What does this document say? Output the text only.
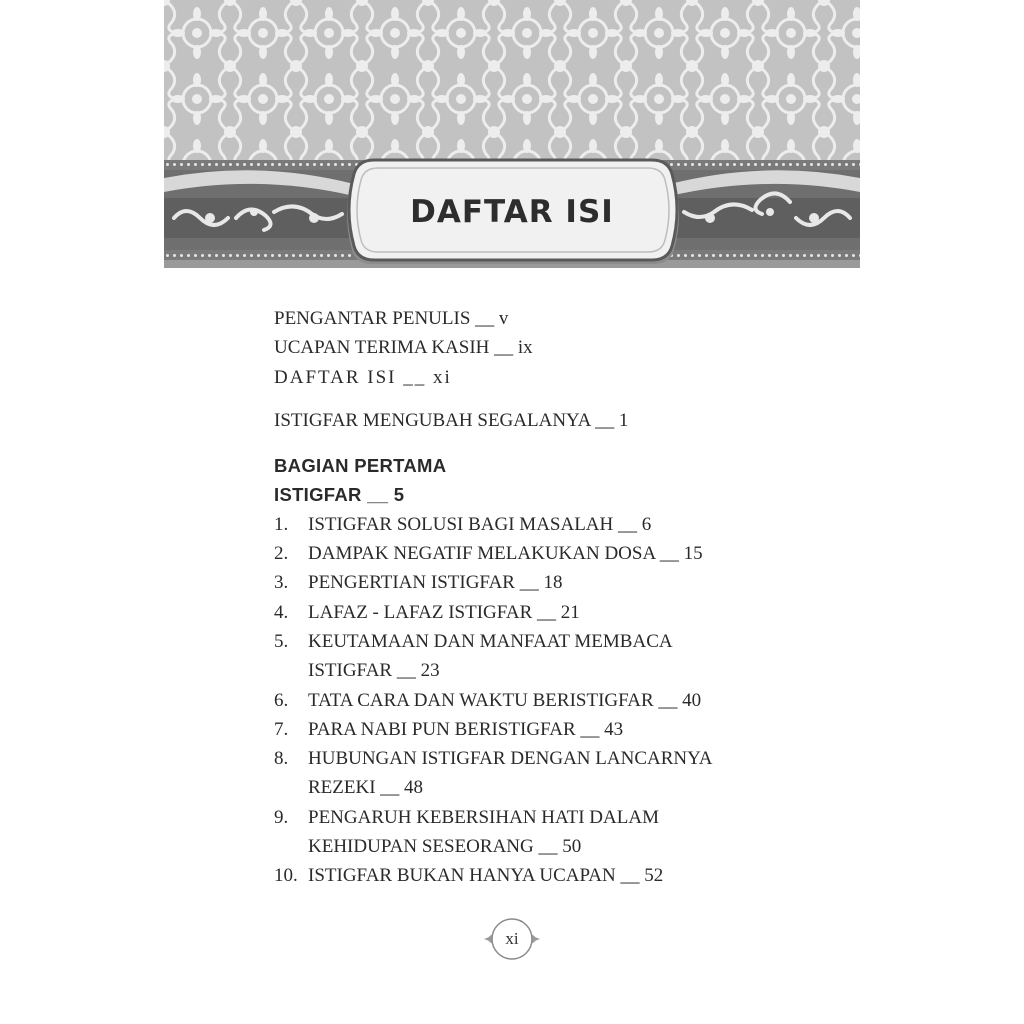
DAFTAR ISI
PENGANTAR PENULIS __ v
UCAPAN TERIMA KASIH __ ix
DAFTAR ISI __ xi
ISTIGFAR MENGUBAH SEGALANYA __ 1
BAGIAN PERTAMA
ISTIGFAR __ 5
1.	ISTIGFAR SOLUSI BAGI MASALAH __ 6
2.	DAMPAK NEGATIF MELAKUKAN DOSA __ 15
3.	PENGERTIAN ISTIGFAR __ 18
4.	LAFAZ - LAFAZ ISTIGFAR __ 21
5.	KEUTAMAAN DAN MANFAAT MEMBACA ISTIGFAR __ 23
6.	TATA CARA DAN WAKTU BERISTIGFAR __ 40
7.	PARA NABI PUN BERISTIGFAR __ 43
8.	HUBUNGAN ISTIGFAR DENGAN LANCARNYA REZEKI __ 48
9.	PENGARUH KEBERSIHAN HATI DALAM KEHIDUPAN SESEORANG __ 50
10. ISTIGFAR BUKAN HANYA UCAPAN __ 52
xi
